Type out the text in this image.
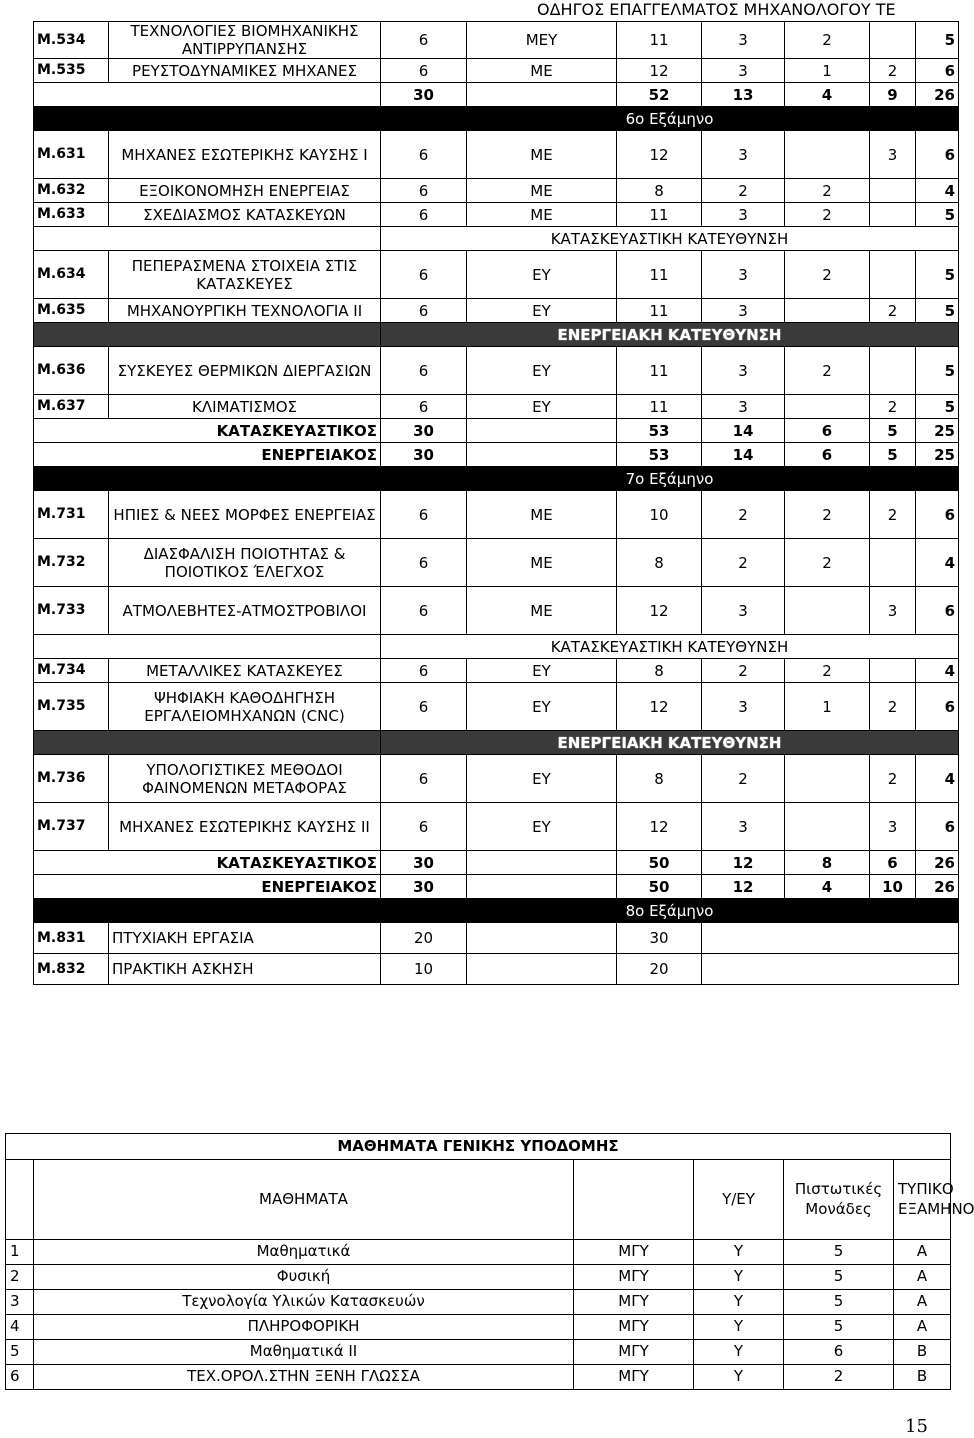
ΟΔΗΓΟΣ ΕΠΑΓΓΕΛΜΑΤΟΣ ΜΗΧΑΝΟΛΟΓΟΥ ΤΕ
Μ.534	ΤΕΧΝΟΛΟΓΙΕΣ ΒΙΟΜΗΧΑΝΙΚΗΣ ΑΝΤΙΡΡΥΠΑΝΣΗΣ	6	ΜΕΥ	11	3	2		5
Μ.535	ΡΕΥΣΤΟΔΥΝΑΜΙΚΕΣ ΜΗΧΑΝΕΣ	6	ΜΕ	12	3	1	2	6
		30		52	13	4	9	26
		6ο Εξάμηνο						
Μ.631	ΜΗΧΑΝΕΣ ΕΣΩΤΕΡΙΚΗΣ ΚΑΥΣΗΣ Ι	6	ΜΕ	12	3		3	6
Μ.632	ΕΞΟΙΚΟΝΟΜΗΣΗ ΕΝΕΡΓΕΙΑΣ	6	ΜΕ	8	2	2		4
Μ.633	ΣΧΕΔΙΑΣΜΟΣ ΚΑΤΑΣΚΕΥΩΝ	6	ΜΕ	11	3	2		5
		ΚΑΤΑΣΚΕΥΑΣΤΙΚΗ ΚΑΤΕΥΘΥΝΣΗ						
Μ.634	ΠΕΠΕΡΑΣΜΕΝΑ ΣΤΟΙΧΕΙΑ ΣΤΙΣ ΚΑΤΑΣΚΕΥΕΣ	6	ΕΥ	11	3	2		5
Μ.635	ΜΗΧΑΝΟΥΡΓΙΚΗ ΤΕΧΝΟΛΟΓΙΑ ΙΙ	6	ΕΥ	11	3		2	5
		ΕΝΕΡΓΕΙΑΚΗ ΚΑΤΕΥΘΥΝΣΗ						
Μ.636	ΣΥΣΚΕΥΕΣ ΘΕΡΜΙΚΩΝ ΔΙΕΡΓΑΣΙΩΝ	6	ΕΥ	11	3	2		5
Μ.637	ΚΛΙΜΑΤΙΣΜΟΣ	6	ΕΥ	11	3		2	5
ΚΑΤΑΣΚΕΥΑΣΤΙΚΟΣ		30		53	14	6	5	25
ΕΝΕΡΓΕΙΑΚΟΣ		30		53	14	6	5	25
		7ο Εξάμηνο						
Μ.731	ΗΠΙΕΣ & ΝΕΕΣ ΜΟΡΦΕΣ ΕΝΕΡΓΕΙΑΣ	6	ΜΕ	10	2	2	2	6
Μ.732	ΔΙΑΣΦΑΛΙΣΗ ΠΟΙΟΤΗΤΑΣ & ΠΟΙΟΤΙΚΟΣ ΈΛΕΓΧΟΣ	6	ΜΕ	8	2	2		4
Μ.733	ΑΤΜΟΛΕΒΗΤΕΣ-ΑΤΜΟΣΤΡΟΒΙΛΟΙ	6	ΜΕ	12	3		3	6
		ΚΑΤΑΣΚΕΥΑΣΤΙΚΗ ΚΑΤΕΥΘΥΝΣΗ						
Μ.734	ΜΕΤΑΛΛΙΚΕΣ ΚΑΤΑΣΚΕΥΕΣ	6	ΕΥ	8	2	2		4
Μ.735	ΨΗΦΙΑΚΗ ΚΑΘΟΔΗΓΗΣΗ ΕΡΓΑΛΕΙΟΜΗΧΑΝΩΝ (CNC)	6	ΕΥ	12	3	1	2	6
		ΕΝΕΡΓΕΙΑΚΗ ΚΑΤΕΥΘΥΝΣΗ						
Μ.736	ΥΠΟΛΟΓΙΣΤΙΚΕΣ ΜΕΘΟΔΟΙ ΦΑΙΝΟΜΕΝΩΝ ΜΕΤΑΦΟΡΑΣ	6	ΕΥ	8	2		2	4
Μ.737	ΜΗΧΑΝΕΣ ΕΣΩΤΕΡΙΚΗΣ ΚΑΥΣΗΣ ΙΙ	6	ΕΥ	12	3		3	6
ΚΑΤΑΣΚΕΥΑΣΤΙΚΟΣ		30		50	12	8	6	26
ΕΝΕΡΓΕΙΑΚΟΣ		30		50	12	4	10	26
		8ο Εξάμηνο						
Μ.831	ΠΤΥΧΙΑΚΗ ΕΡΓΑΣΙΑ	20		30				
Μ.832	ΠΡΑΚΤΙΚΗ ΑΣΚΗΣΗ	10		20				
ΜΑΘΗΜΑΤΑ ΓΕΝΙΚΗΣ ΥΠΟΔΟΜΗΣ					
	ΜΑΘΗΜΑΤΑ		Υ/ΕΥ	Πιστωτικές Μονάδες	ΤΥΠΙΚΟ ΕΞΑΜΗΝΟ
1	Μαθηματικά	ΜΓΥ	Υ	5	Α
2	Φυσική	ΜΓΥ	Υ	5	Α
3	Τεχνολογία Υλικών Κατασκευών	ΜΓΥ	Υ	5	Α
4	ΠΛΗΡΟΦΟΡΙΚΗ	ΜΓΥ	Υ	5	Α
5	Μαθηματικά ΙΙ	ΜΓΥ	Υ	6	Β
6	ΤΕΧ.ΟΡΟΛ.ΣΤΗΝ ΞΕΝΗ ΓΛΩΣΣΑ	ΜΓΥ	Υ	2	Β
15
